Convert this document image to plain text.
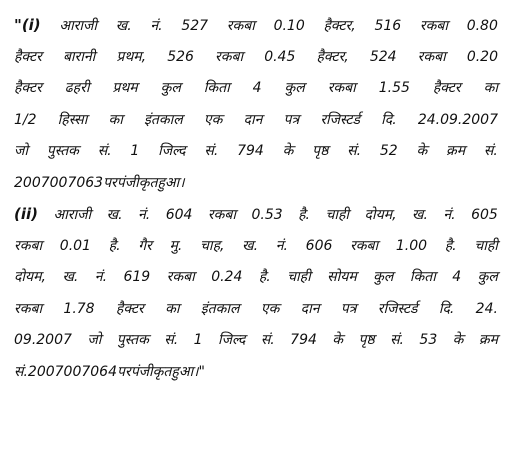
"(i) आराजी ख. नं. 527 रकबा 0.10 हैक्टर, 516 रकबा 0.80
हैक्टर बारानी प्रथम, 526 रकबा 0.45 हैक्टर, 524 रकबा 0.20
हैक्टर ढहरी प्रथम कुल किता 4 कुल रकबा 1.55 हैक्टर का
1/2 हिस्सा का इंतकाल एक दान पत्र रजिस्टर्ड दि. 24.09.2007
जो पुस्तक सं. 1 जिल्द सं. 794 के पृष्ठ सं. 52 के क्रम सं.
2007007063 पर पंजीकृत हुआ।
(ii) आराजी ख. नं. 604 रकबा 0.53 है. चाही दोयम, ख. नं. 605
रकबा 0.01 है. गैर मु. चाह, ख. नं. 606 रकबा 1.00 है. चाही
दोयम, ख. नं. 619 रकबा 0.24 है. चाही सोयम कुल किता 4 कुल
रकबा 1.78 हैक्टर का इंतकाल एक दान पत्र रजिस्टर्ड दि. 24.
09.2007 जो पुस्तक सं. 1 जिल्द सं. 794 के पृष्ठ सं. 53 के क्रम
सं. 2007007064 पर पंजीकृत हुआ।"
